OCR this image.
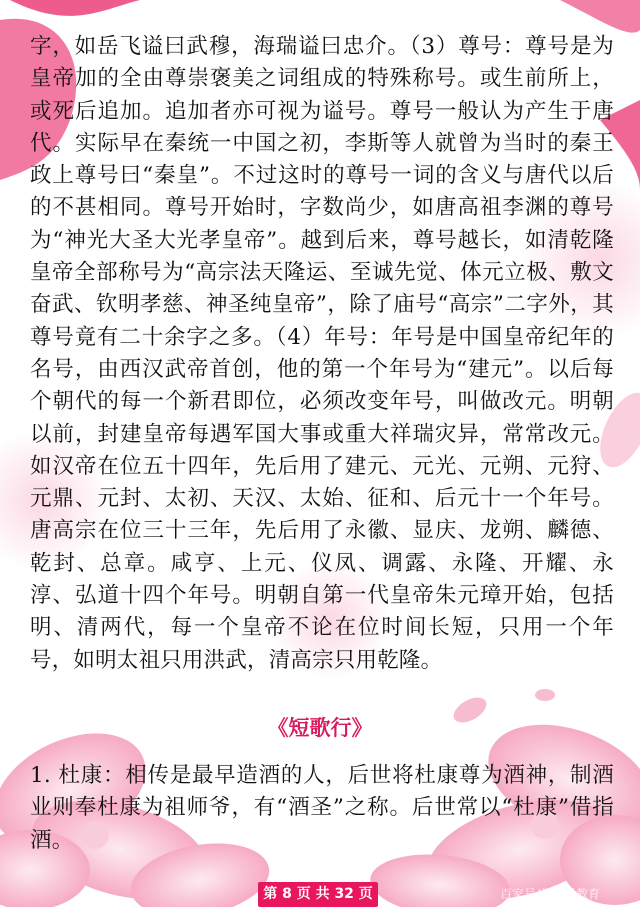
字，如岳飞谥曰武穆，海瑞谥曰忠介。（3）尊号：尊号是为皇帝加的全由尊崇褒美之词组成的特殊称号。或生前所上，或死后追加。追加者亦可视为谥号。尊号一般认为产生于唐代。实际早在秦统一中国之初，李斯等人就曾为当时的秦王政上尊号曰“秦皇”。不过这时的尊号一词的含义与唐代以后的不甚相同。尊号开始时，字数尚少，如唐高祖李渊的尊号为“神光大圣大光孝皇帝”。越到后来，尊号越长，如清乾隆皇帝全部称号为“高宗法天隆运、至诚先觉、体元立极、敷文奋武、钦明孝慈、神圣纯皇帝”，除了庙号“高宗”二字外，其尊号竟有二十余字之多。（4）年号：年号是中国皇帝纪年的名号，由西汉武帝首创，他的第一个年号为“建元”。以后每个朝代的每一个新君即位，必须改变年号，叫做改元。明朝以前，封建皇帝每遇军国大事或重大祥瑞灾异，常常改元。如汉帝在位五十四年，先后用了建元、元光、元朔、元狩、元鼎、元封、太初、天汉、太始、征和、后元十一个年号。唐高宗在位三十三年，先后用了永徽、显庆、龙朔、麟德、乾封、总章。咸亨、上元、仪凤、调露、永隆、开耀、永淳、弘道十四个年号。明朝自第一代皇帝朱元璋开始，包括明、清两代，每一个皇帝不论在位时间长短，只用一个年号，如明太祖只用洪武，清高宗只用乾隆。
《短歌行》
1. 杜康：相传是最早造酒的人，后世将杜康尊为酒神，制酒业则奉杜康为祖师爷，有“酒圣”之称。后世常以“杜康”借指酒。
第 8 页 共 32 页	百家号/学霸说教育
